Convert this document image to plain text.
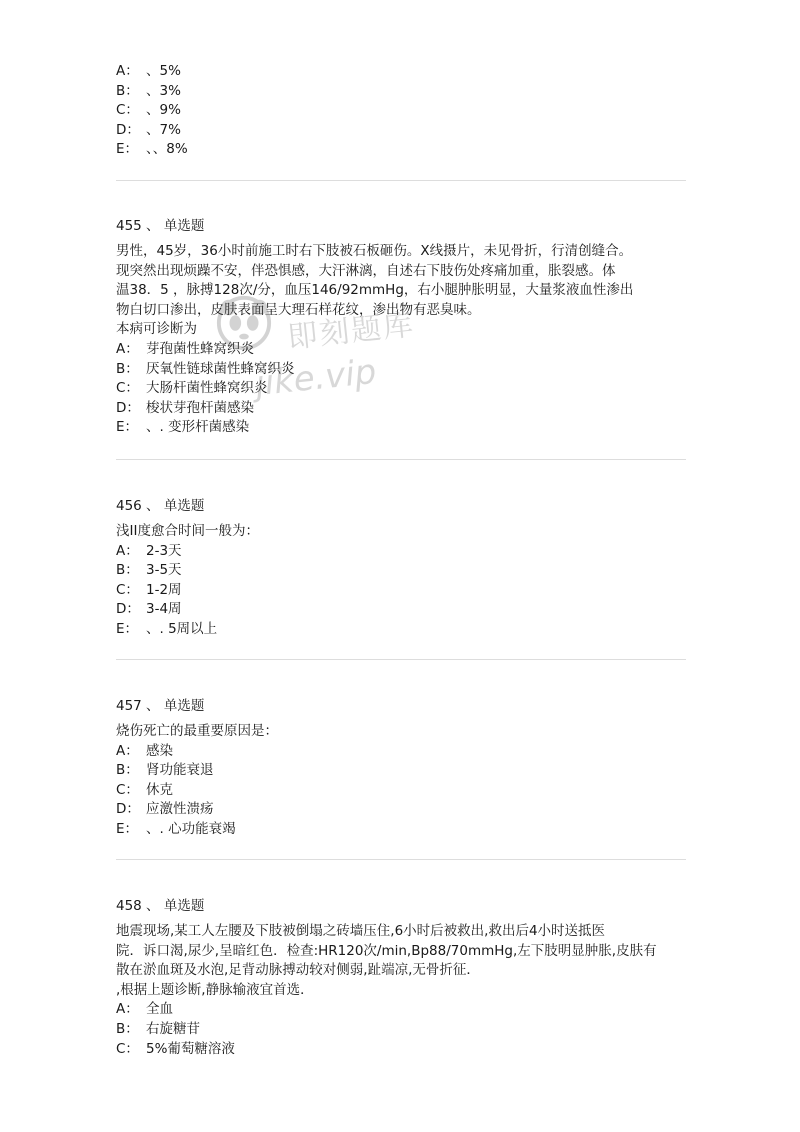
A： 、5%
B： 、3%
C： 、9%
D： 、7%
E： 、、8%
455 、 单选题
男性，45岁，36小时前施工时右下肢被石板砸伤。X线摄片，未见骨折，行清创缝合。
现突然出现烦躁不安，伴恐惧感，大汗淋漓，自述右下肢伤处疼痛加重，胀裂感。体
温38．5 ，脉搏128次/分，血压146/92mmHg，右小腿肿胀明显，大量浆液血性渗出
物白切口渗出，皮肤表面呈大理石样花纹，渗出物有恶臭味。
本病可诊断为
A： 芽孢菌性蜂窝织炎
B： 厌氧性链球菌性蜂窝织炎
C： 大肠杆菌性蜂窝织炎
D： 梭状芽孢杆菌感染
E： 、. 变形杆菌感染
456 、 单选题
浅II度愈合时间一般为：
A： 2-3天
B： 3-5天
C： 1-2周
D： 3-4周
E： 、. 5周以上
457 、 单选题
烧伤死亡的最重要原因是：
A： 感染
B： 肾功能衰退
C： 休克
D： 应激性溃疡
E： 、. 心功能衰竭
458 、 单选题
地震现场,某工人左腰及下肢被倒塌之砖墙压住,6小时后被救出,救出后4小时送抵医
院．诉口渴,尿少,呈暗红色．检查:HR120次/min,Bp88/70mmHg,左下肢明显肿胀,皮肤有
散在淤血斑及水泡,足背动脉搏动较对侧弱,趾端凉,无骨折征．
,根据上题诊断,静脉输液宜首选．
A： 全血
B： 右旋糖苷
C： 5%葡萄糖溶液
即刻题库
jike.vip
